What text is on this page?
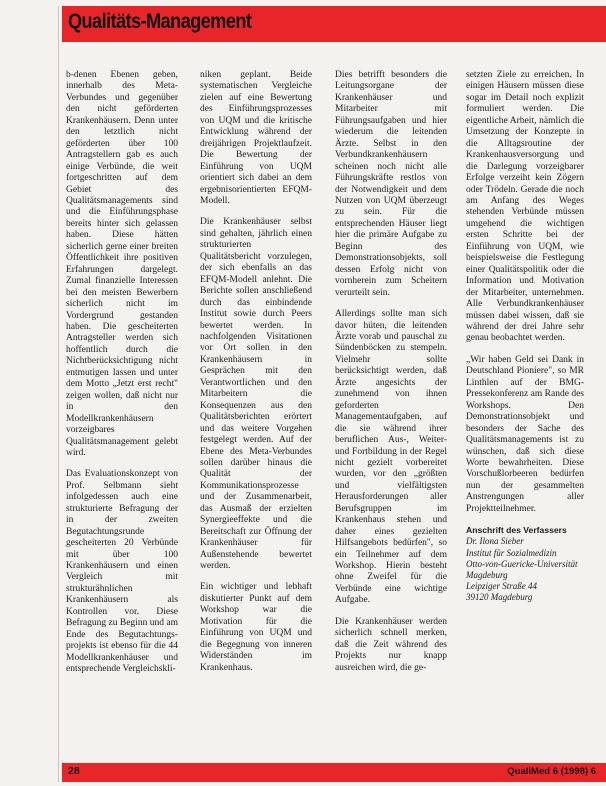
Qualitäts-Management

b-denen Ebenen geben, innerhalb des Meta-Verbundes und gegenüber den nicht geförderten Krankenhäusern. Denn unter den letztlich nicht geförderten über 100 Antragstellern gab es auch einige Verbünde, die weit fortgeschritten auf dem Gebiet des Qualitätsmanagements sind und die Einführungsphase bereits hinter sich gelassen haben. Diese hätten sicherlich gerne einer breiten Öffentlichkeit ihre positiven Erfahrungen dargelegt. Zumal finanzielle Interessen bei den meisten Bewerbern sicherlich nicht im Vordergrund gestanden haben. Die gescheiterten Antragsteller werden sich hoffentlich durch die Nichtberücksichtigung nicht entmutigen lassen und unter dem Motto „Jetzt erst recht" zeigen wollen, daß nicht nur in den Modellkrankenhäusern vorzeigbares Qualitätsmanagement gelebt wird.

Das Evaluationskonzept von Prof. Selbmann sieht infolgedessen auch eine strukturierte Befragung der in der zweiten Begutachtungsrunde gescheiterten 20 Verbünde mit über 100 Krankenhäusern und einen Vergleich mit strukturähnlichen Krankenhäusern als Kontrollen vor. Diese Befragung zu Beginn und am Ende des Begutachtungs-projekts ist ebenso für die 44 Modellkrankenhäuser und entsprechende Vergleichskli-

niken geplant. Beide systematischen Vergleiche zielen auf eine Bewertung des Einführungsprozesses von UQM und die kritische Entwicklung während der dreijährigen Projektlaufzeit. Die Bewertung der Einführung von UQM orientiert sich dabei an dem ergebnisorientierten EFQM-Modell.

Die Krankenhäuser selbst sind gehalten, jährlich einen strukturierten Qualitätsbericht vorzulegen, der sich ebenfalls an das EFQM-Modell anlehnt. Die Berichte sollen anschließend durch das einbindende Institut sowie durch Peers bewertet werden. In nachfolgenden Visitationen vor Ort sollen in den Krankenhäusern in Gesprächen mit den Verantwortlichen und den Mitarbeitern die Konsequenzen aus den Qualitätsberichten erörtert und das weitere Vorgehen festgelegt werden. Auf der Ebene des Meta-Verbundes sollen darüber hinaus die Qualität der Kommunikationsprozesse und der Zusammenarbeit, das Ausmaß der erzielten Synergieeffekte und die Bereitschaft zur Öffnung der Krankenhäuser für Außenstehende bewertet werden.

Ein wichtiger und lebhaft diskutierter Punkt auf dem Workshop war die Motivation für die Einführung von UQM und die Begegnung von inneren Widerständen im Krankenhaus.

Dies betrifft besonders die Leitungsorgane der Krankenhäuser und Mitarbeiter mit Führungsaufgaben und hier wiederum die leitenden Ärzte. Selbst in den Verbundkrankenhäusern scheinen noch nicht alle Führungskräfte restlos von der Notwendigkeit und dem Nutzen von UQM überzeugt zu sein. Für die entsprechenden Häuser liegt hier die primäre Aufgabe zu Beginn des Demonstrationsobjekts, soll dessen Erfolg nicht von vornherein zum Scheitern verurteilt sein.

Allerdings sollte man sich davor hüten, die leitenden Ärzte vorab und pauschal zu Sündenböcken zu stempeln. Vielmehr sollte berücksichtigt werden, daß Ärzte angesichts der zunehmend von ihnen geforderten Managementaufgaben, auf die sie während ihrer beruflichen Aus-, Weiter- und Fortbildung in der Regel nicht gezielt vorbereitet wurden, vor den „größten und vielfältigsten Herausforderungen aller Berufsgruppen im Krankenhaus stehen und daher eines gezielten Hilfsangebots bedürfen", so ein Teilnehmer auf dem Workshop. Hierin besteht ohne Zweifel für die Verbünde eine wichtige Aufgabe.

Die Krankenhäuser werden sicherlich schnell merken, daß die Zeit während des Projekts nur knapp ausreichen wird, die ge-

setzten Ziele zu erreichen. In einigen Häusern müssen diese sogar im Detail noch explizit formuliert werden. Die eigentliche Arbeit, nämlich die Umsetzung der Konzepte in die Alltagsroutine der Krankenhausversorgung und die Darlegung vorzeigbarer Erfolge verzeiht kein Zögern oder Trödeln. Gerade die noch am Anfang des Weges stehenden Verbünde müssen umgehend die wichtigen ersten Schritte bei der Einführung von UQM, wie beispielsweise die Festlegung einer Qualitätspolitik oder die Information und Motivation der Mitarbeiter, unternehmen. Alle Verbundkrankenhäuser müssen dabei wissen, daß sie während der drei Jahre sehr genau beobachtet werden.

„Wir haben Geld sei Dank in Deutschland Pioniere", so MR Linthlen auf der BMG-Pressekonferenz am Rande des Workshops. Den Demonstrationsobjekt und besonders der Sache des Qualitätsmanagements ist zu wünschen, daß sich diese Worte bewahrheiten. Diese Vorschußlorbeeren bedürfen nun der gesammelten Anstrengungen aller Projektteilnehmer.

Anschrift des Verfassers
Dr. Ilona Sieber
Institut für Sozialmedizin
Otto-von-Guericke-Universität
Magdeburg
Leipziger Straße 44
39120 Magdeburg
28	QualiMed 6 (1998) 6
